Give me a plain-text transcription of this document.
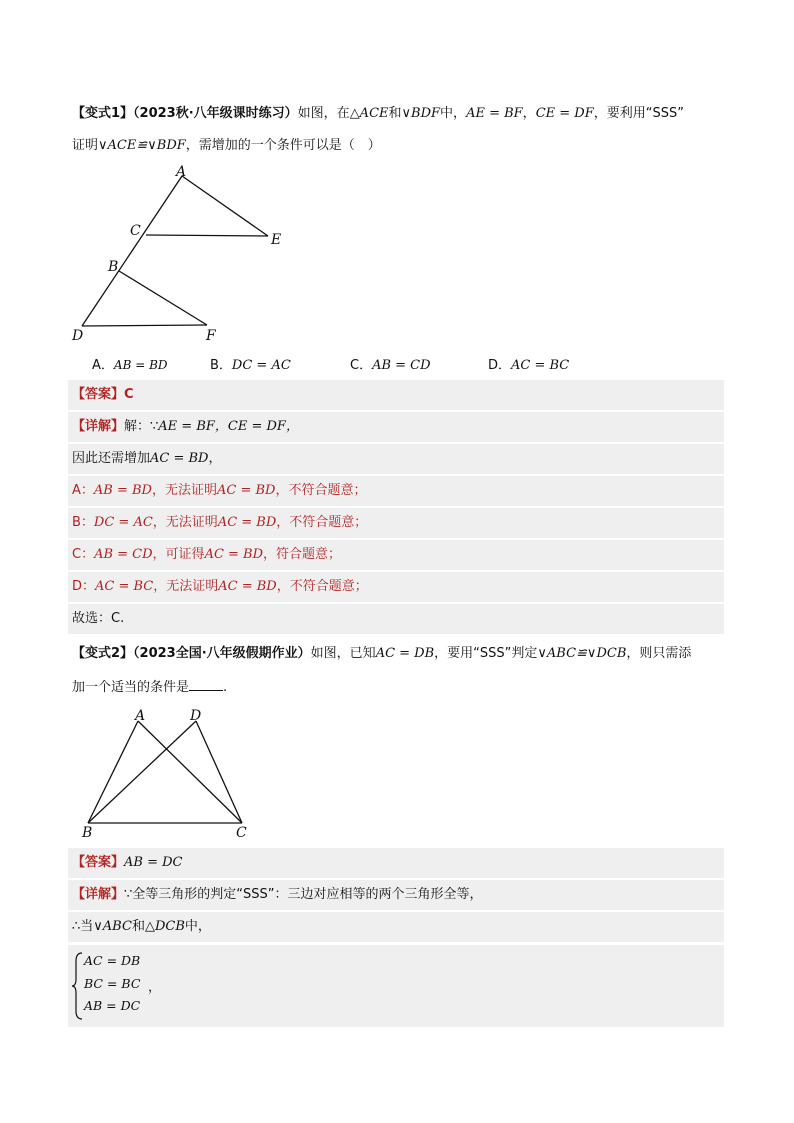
【变式1】（2023秋·八年级课时练习）如图，在△ACE和∨BDF中，AE = BF，CE = DF，要利用“SSS”
证明∨ACE≌∨BDF，需增加的一个条件可以是（　）
A
C
E
B
D	F
A．AB = BD	B．DC = AC	C．AB = CD	D．AC = BC
【答案】C
【详解】解：∵AE = BF，CE = DF，
因此还需增加AC = BD，
A：AB = BD，无法证明AC = BD，不符合题意；
B：DC = AC，无法证明AC = BD，不符合题意；
C：AB = CD，可证得AC = BD，符合题意；
D：AC = BC，无法证明AC = BD，不符合题意；
故选：C.
【变式2】（2023全国·八年级假期作业）如图，已知AC = DB，要用“SSS”判定∨ABC≌∨DCB，则只需添
加一个适当的条件是	.
A	D
B	C
【答案】AB = DC
【详解】∵全等三角形的判定“SSS”：三边对应相等的两个三角形全等，
∴当∨ABC和△DCB中，
AC = DB
BC = BC ，
AB = DC
